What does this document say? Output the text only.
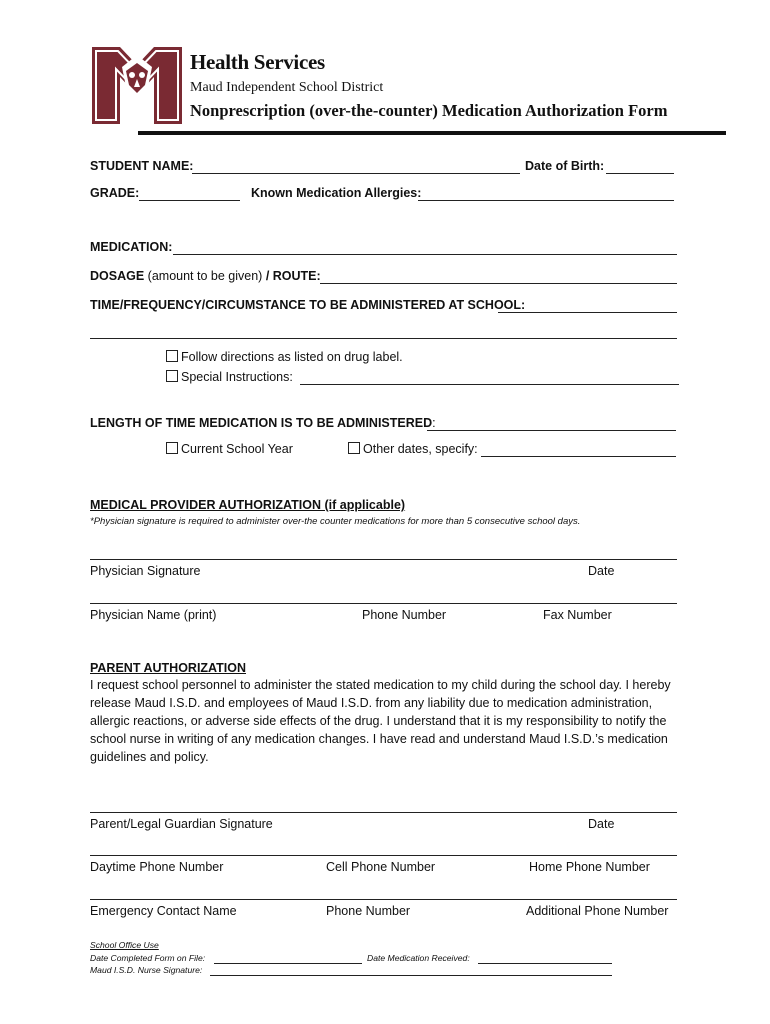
Health Services
Maud Independent School District
Nonprescription (over-the-counter) Medication Authorization Form
STUDENT NAME:	Date of Birth:
GRADE:	Known Medication Allergies:
MEDICATION:
DOSAGE (amount to be given) / ROUTE:
TIME/FREQUENCY/CIRCUMSTANCE TO BE ADMINISTERED AT SCHOOL:
Follow directions as listed on drug label.
Special Instructions:
LENGTH OF TIME MEDICATION IS TO BE ADMINISTERED:
Current School Year	Other dates, specify:
MEDICAL PROVIDER AUTHORIZATION (if applicable)
*Physician signature is required to administer over-the counter medications for more than 5 consecutive school days.
Physician Signature	Date
Physician Name (print)	Phone Number	Fax Number
PARENT AUTHORIZATION
I request school personnel to administer the stated medication to my child during the school day. I hereby release Maud I.S.D. and employees of Maud I.S.D. from any liability due to medication administration, allergic reactions, or adverse side effects of the drug. I understand that it is my responsibility to notify the school nurse in writing of any medication changes. I have read and understand Maud I.S.D.’s medication guidelines and policy.
Parent/Legal Guardian Signature	Date
Daytime Phone Number	Cell Phone Number	Home Phone Number
Emergency Contact Name	Phone Number	Additional Phone Number
School Office Use
Date Completed Form on File:	Date Medication Received:
Maud I.S.D. Nurse Signature:
